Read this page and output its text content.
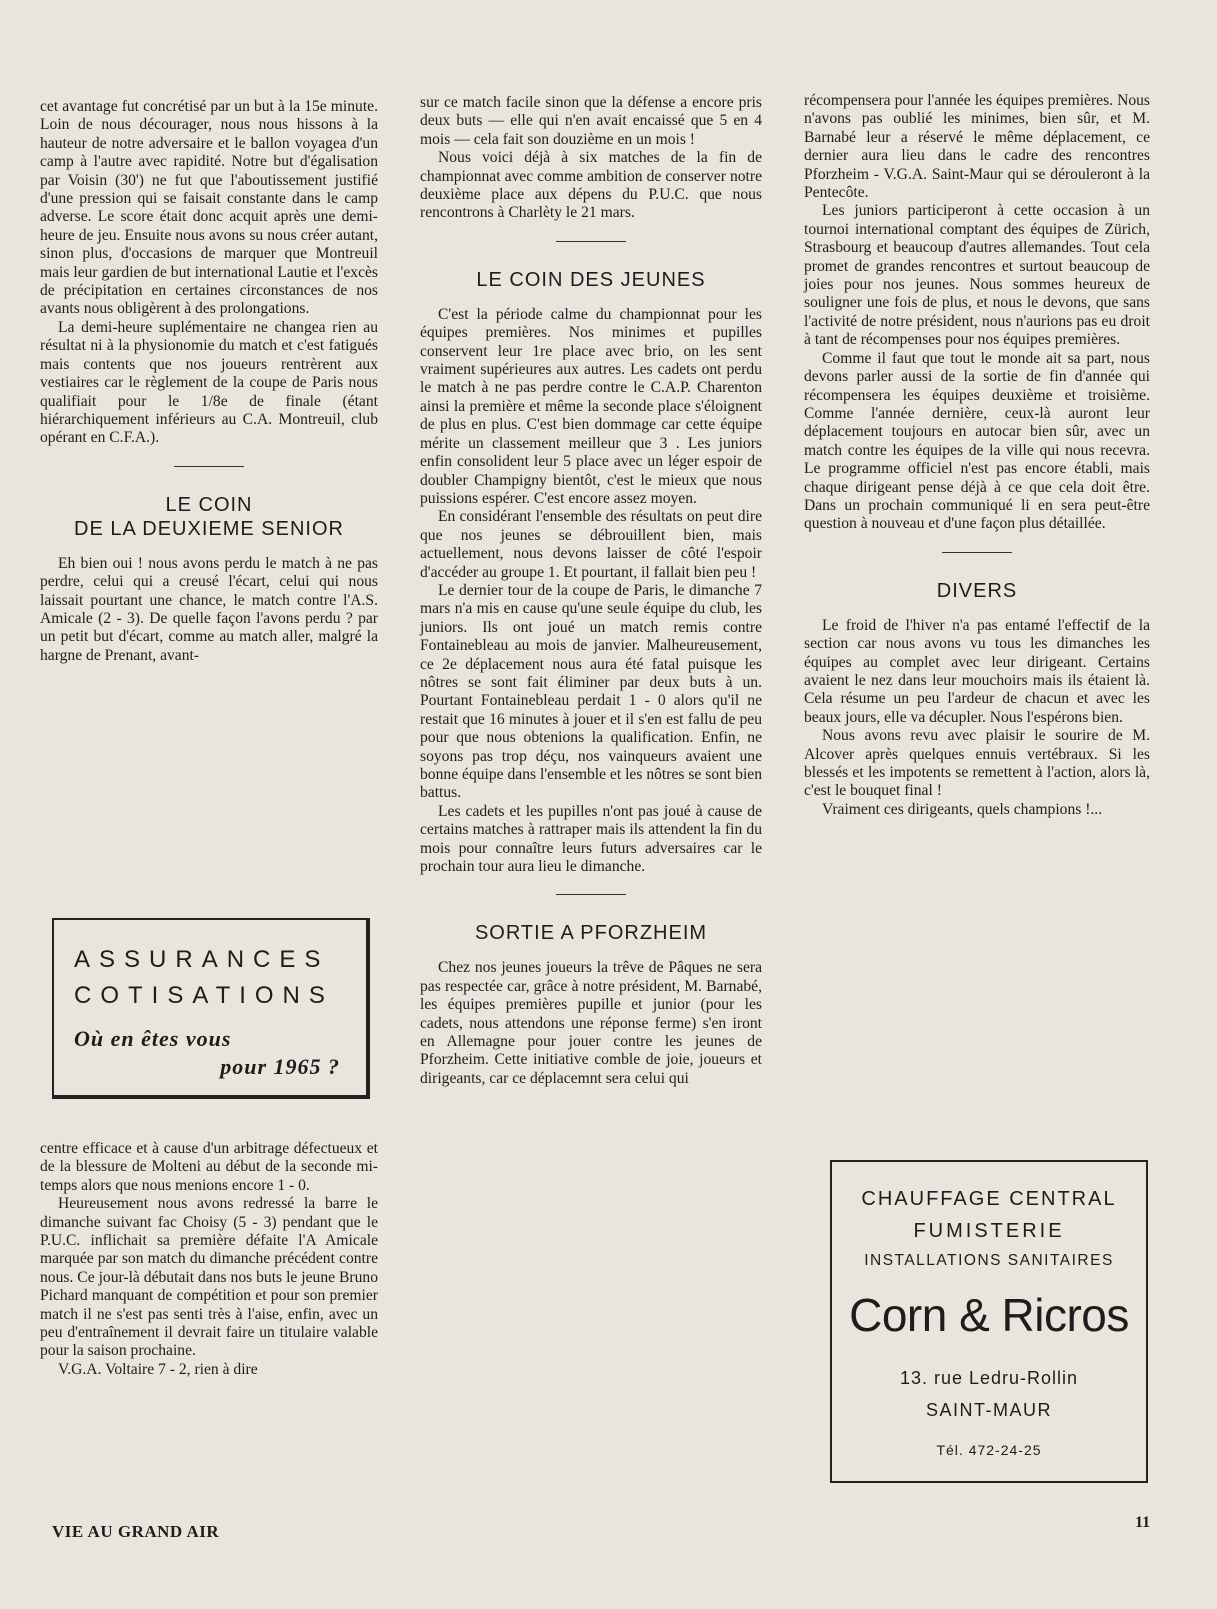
cet avantage fut concrétisé par un but à la 15e minute. Loin de nous décourager, nous nous hissons à la hauteur de notre adversaire et le ballon voyagea d'un camp à l'autre avec rapidité. Notre but d'égalisation par Voisin (30') ne fut que l'aboutissement justifié d'une pression qui se faisait constante dans le camp adverse. Le score était donc acquit après une demi-heure de jeu. Ensuite nous avons su nous créer autant, sinon plus, d'occasions de marquer que Montreuil mais leur gardien de but international Lautie et l'excès de précipitation en certaines circonstances de nos avants nous obligèrent à des prolongations.

La demi-heure suplémentaire ne changea rien au résultat ni à la physionomie du match et c'est fatigués mais contents que nos joueurs rentrèrent aux vestiaires car le règlement de la coupe de Paris nous qualifiait pour le 1/8e de finale (étant hiérarchiquement inférieurs au C.A. Montreuil, club opérant en C.F.A.).

LE COIN
DE LA DEUXIEME SENIOR

Eh bien oui ! nous avons perdu le match à ne pas perdre, celui qui a creusé l'écart, celui qui nous laissait pourtant une chance, le match contre l'A.S. Amicale (2 - 3). De quelle façon l'avons perdu ? par un petit but d'écart, comme au match aller, malgré la hargne de Prenant, avant-

centre efficace et à cause d'un arbitrage défectueux et de la blessure de Molteni au début de la seconde mi-temps alors que nous menions encore 1 - 0.

Heureusement nous avons redressé la barre le dimanche suivant fac Choisy (5 - 3) pendant que le P.U.C. inflichait sa première défaite l'A Amicale marquée par son match du dimanche précédent contre nous. Ce jour-là débutait dans nos buts le jeune Bruno Pichard manquant de compétition et pour son premier match il ne s'est pas senti très à l'aise, enfin, avec un peu d'entraînement il devrait faire un titulaire valable pour la saison prochaine.

V.G.A. Voltaire 7 - 2, rien à dire

ASSURANCES
COTISATIONS
Où en êtes vous
pour 1965 ?

sur ce match facile sinon que la défense a encore pris deux buts — elle qui n'en avait encaissé que 5 en 4 mois — cela fait son douzième en un mois !

Nous voici déjà à six matches de la fin de championnat avec comme ambition de conserver notre deuxième place aux dépens du P.U.C. que nous rencontrons à Charlèty le 21 mars.

LE COIN DES JEUNES

C'est la période calme du championnat pour les équipes premières. Nos minimes et pupilles conservent leur 1re place avec brio, on les sent vraiment supérieures aux autres. Les cadets ont perdu le match à ne pas perdre contre le C.A.P. Charenton ainsi la première et même la seconde place s'éloignent de plus en plus. C'est bien dommage car cette équipe mérite un classement meilleur que 3 . Les juniors enfin consolident leur 5 place avec un léger espoir de doubler Champigny bientôt, c'est le mieux que nous puissions espérer. C'est encore assez moyen.

En considérant l'ensemble des résultats on peut dire que nos jeunes se débrouillent bien, mais actuellement, nous devons laisser de côté l'espoir d'accéder au groupe 1. Et pourtant, il fallait bien peu !

Le dernier tour de la coupe de Paris, le dimanche 7 mars n'a mis en cause qu'une seule équipe du club, les juniors. Ils ont joué un match remis contre Fontainebleau au mois de janvier. Malheureusement, ce 2e déplacement nous aura été fatal puisque les nôtres se sont fait éliminer par deux buts à un. Pourtant Fontainebleau perdait 1 - 0 alors qu'il ne restait que 16 minutes à jouer et il s'en est fallu de peu pour que nous obtenions la qualification. Enfin, ne soyons pas trop déçu, nos vainqueurs avaient une bonne équipe dans l'ensemble et les nôtres se sont bien battus.

Les cadets et les pupilles n'ont pas joué à cause de certains matches à rattraper mais ils attendent la fin du mois pour connaître leurs futurs adversaires car le prochain tour aura lieu le dimanche.

SORTIE A PFORZHEIM

Chez nos jeunes joueurs la trêve de Pâques ne sera pas respectée car, grâce à notre président, M. Barnabé, les équipes premières pupille et junior (pour les cadets, nous attendons une réponse ferme) s'en iront en Allemagne pour jouer contre les jeunes de Pforzheim. Cette initiative comble de joie, joueurs et dirigeants, car ce déplacemnt sera celui qui

récompensera pour l'année les équipes premières. Nous n'avons pas oublié les minimes, bien sûr, et M. Barnabé leur a réservé le même déplacement, ce dernier aura lieu dans le cadre des rencontres Pforzheim - V.G.A. Saint-Maur qui se dérouleront à la Pentecôte.

Les juniors participeront à cette occasion à un tournoi international comptant des équipes de Zürich, Strasbourg et beaucoup d'autres allemandes. Tout cela promet de grandes rencontres et surtout beaucoup de joies pour nos jeunes. Nous sommes heureux de souligner une fois de plus, et nous le devons, que sans l'activité de notre président, nous n'aurions pas eu droit à tant de récompenses pour nos équipes premières.

Comme il faut que tout le monde ait sa part, nous devons parler aussi de la sortie de fin d'année qui récompensera les équipes deuxième et troisième. Comme l'année dernière, ceux-là auront leur déplacement toujours en autocar bien sûr, avec un match contre les équipes de la ville qui nous recevra. Le programme officiel n'est pas encore établi, mais chaque dirigeant pense déjà à ce que cela doit être. Dans un prochain communiqué li en sera peut-être question à nouveau et d'une façon plus détaillée.

DIVERS

Le froid de l'hiver n'a pas entamé l'effectif de la section car nous avons vu tous les dimanches les équipes au complet avec leur dirigeant. Certains avaient le nez dans leur mouchoirs mais ils étaient là. Cela résume un peu l'ardeur de chacun et avec les beaux jours, elle va décupler. Nous l'espérons bien.

Nous avons revu avec plaisir le sourire de M. Alcover après quelques ennuis vertébraux. Si les blessés et les impotents se remettent à l'action, alors là, c'est le bouquet final !

Vraiment ces dirigeants, quels champions !...

CHAUFFAGE CENTRAL
FUMISTERIE
INSTALLATIONS SANITAIRES
Corn & Ricros
13. rue Ledru-Rollin
SAINT-MAUR
Tél. 472-24-25
VIE AU GRAND AIR	11
